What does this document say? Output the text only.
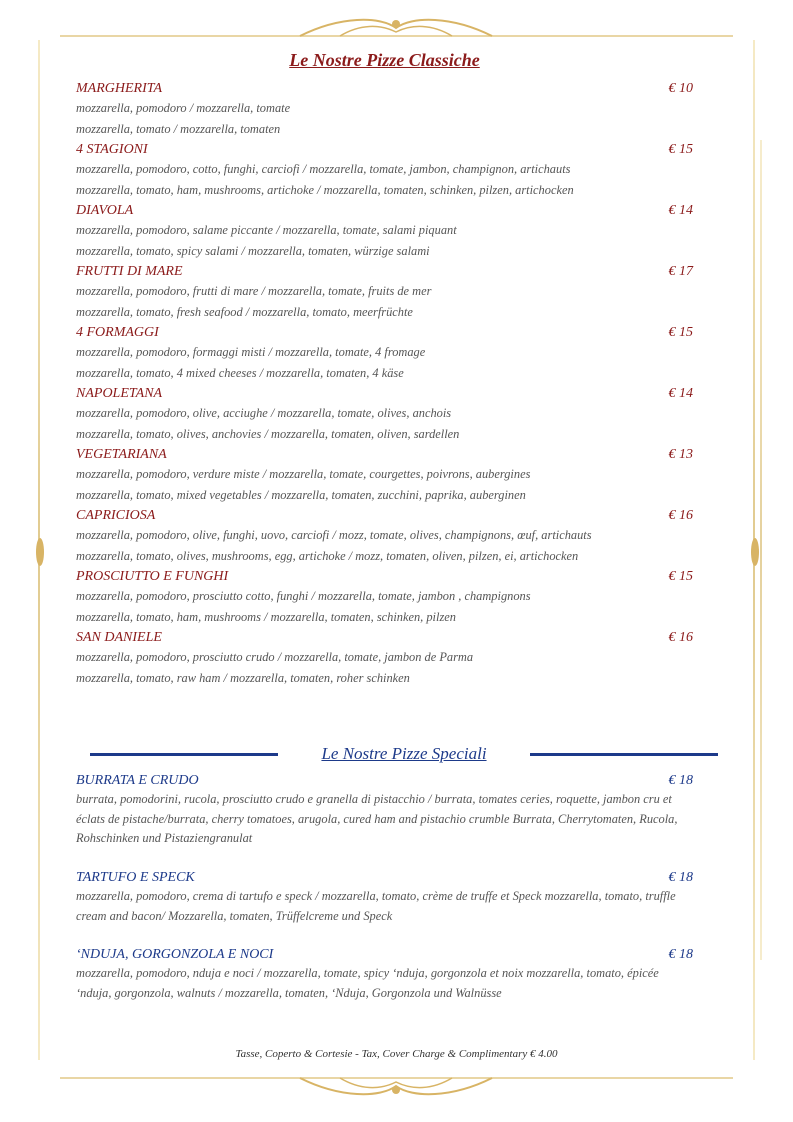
Le Nostre Pizze Classiche
MARGHERITA	€ 10
mozzarella, pomodoro / mozzarella, tomate
mozzarella, tomato / mozzarella, tomaten
4 STAGIONI	€ 15
mozzarella, pomodoro, cotto, funghi, carciofi / mozzarella, tomate, jambon, champignon, artichauts
mozzarella, tomato, ham, mushrooms, artichoke / mozzarella, tomaten, schinken, pilzen, artichocken
DIAVOLA	€ 14
mozzarella, pomodoro, salame piccante / mozzarella, tomate, salami piquant
mozzarella, tomato, spicy salami / mozzarella, tomaten, würzige salami
FRUTTI DI MARE	€ 17
mozzarella, pomodoro, frutti di mare / mozzarella, tomate, fruits de mer
mozzarella, tomato, fresh seafood / mozzarella, tomato, meerfrüchte
4 FORMAGGI	€ 15
mozzarella, pomodoro, formaggi misti / mozzarella, tomate, 4 fromage
mozzarella, tomato, 4 mixed cheeses / mozzarella, tomaten, 4 käse
NAPOLETANA	€ 14
mozzarella, pomodoro, olive, acciughe / mozzarella, tomate, olives, anchois
mozzarella, tomato, olives, anchovies / mozzarella, tomaten, oliven, sardellen
VEGETARIANA	€ 13
mozzarella, pomodoro, verdure miste / mozzarella, tomate, courgettes, poivrons, aubergines
mozzarella, tomato, mixed vegetables / mozzarella, tomaten, zucchini, paprika, auberginen
CAPRICIOSA	€ 16
mozzarella, pomodoro, olive, funghi, uovo, carciofi / mozz, tomate, olives, champignons, œuf, artichauts
mozzarella, tomato, olives, mushrooms, egg, artichoke / mozz, tomaten, oliven, pilzen, ei, artichocken
PROSCIUTTO E FUNGHI	€ 15
mozzarella, pomodoro, prosciutto cotto, funghi / mozzarella, tomate, jambon , champignons
mozzarella, tomato, ham, mushrooms / mozzarella, tomaten, schinken, pilzen
SAN DANIELE	€ 16
mozzarella, pomodoro, prosciutto crudo / mozzarella, tomate, jambon de Parma
mozzarella, tomato, raw ham / mozzarella, tomaten, roher schinken
Le Nostre Pizze Speciali
BURRATA E CRUDO	€ 18
burrata, pomodorini, rucola, prosciutto crudo e granella di pistacchio / burrata, tomates ceries, roquette, jambon cru et éclats de pistache/burrata, cherry tomatoes, arugola, cured ham and pistachio crumble Burrata, Cherrytomaten, Rucola, Rohschinken und Pistaziengranulat
TARTUFO E SPECK	€ 18
mozzarella, pomodoro, crema di tartufo e speck / mozzarella, tomato, crème de truffe et Speck mozzarella, tomato, truffle cream and bacon/ Mozzarella, tomaten, Trüffelcreme und Speck
‘NDUJA, GORGONZOLA E NOCI	€ 18
mozzarella, pomodoro, nduja e noci / mozzarella, tomate, spicy ‘nduja, gorgonzola et noix mozzarella, tomato, épicée ‘nduja, gorgonzola, walnuts / mozzarella, tomaten, ‘Nduja, Gorgonzola und Walnüsse
Tasse, Coperto & Cortesie - Tax, Cover Charge & Complimentary € 4.00
